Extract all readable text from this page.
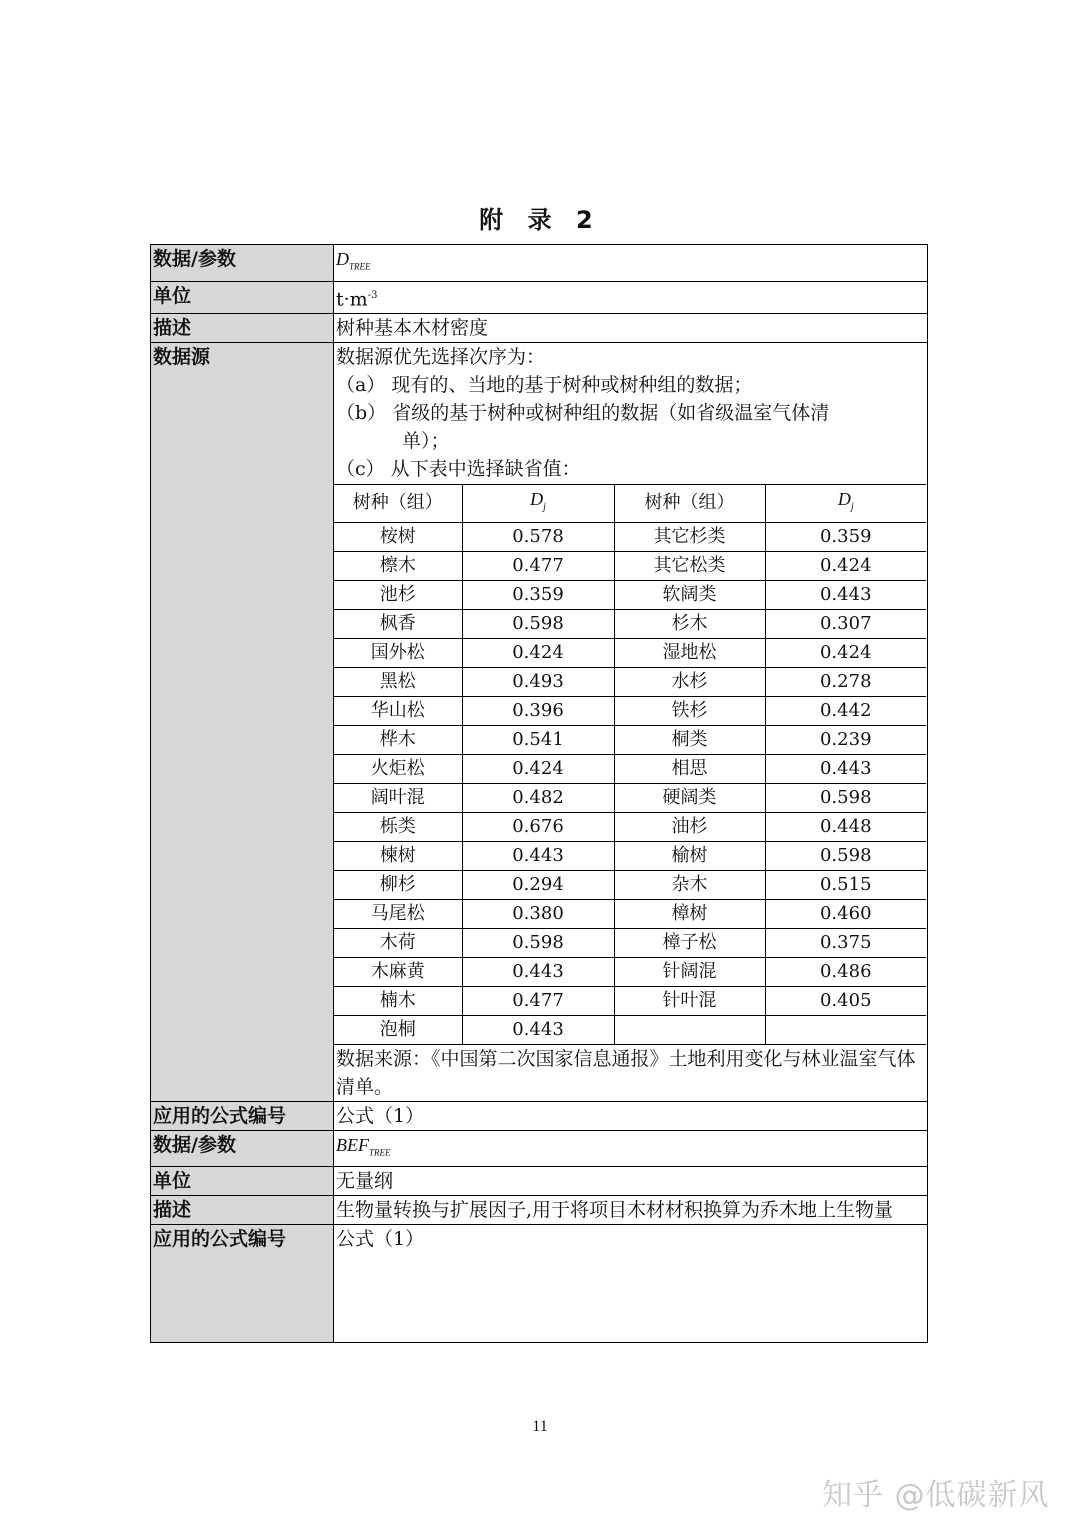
附 录 2
数据/参数	$D_{TREE}$
单位	$t\cdot m^{-3}$
描述	树种基本木材密度
数据源	数据源优先选择次序为：

（a） 现有的、当地的基于树种或树种组的数据；

（b） 省级的基于树种或树种组的数据（如省级温室气体清

单）；

（c） 从下表中选择缺省值：

树种（组）	$D_j$	树种（组）	$D_j$
桉树	0.578	其它杉类	0.359
檫木	0.477	其它松类	0.424
池杉	0.359	软阔类	0.443
枫香	0.598	杉木	0.307
国外松	0.424	湿地松	0.424
黑松	0.493	水杉	0.278
华山松	0.396	铁杉	0.442
桦木	0.541	桐类	0.239
火炬松	0.424	相思	0.443
阔叶混	0.482	硬阔类	0.598
栎类	0.676	油杉	0.448
楝树	0.443	榆树	0.598
柳杉	0.294	杂木	0.515
马尾松	0.380	樟树	0.460
木荷	0.598	樟子松	0.375
木麻黄	0.443	针阔混	0.486
楠木	0.477	针叶混	0.405
泡桐	0.443		

数据来源：《中国第二次国家信息通报》土地利用变化与林业温室气体清单。

应用的公式编号	公式（1）
数据/参数	$BEF_{TREE}$
单位	无量纲
描述	生物量转换与扩展因子,用于将项目木材材积换算为乔木地上生物量
应用的公式编号	公式（1）
11
知乎 @低碳新风
